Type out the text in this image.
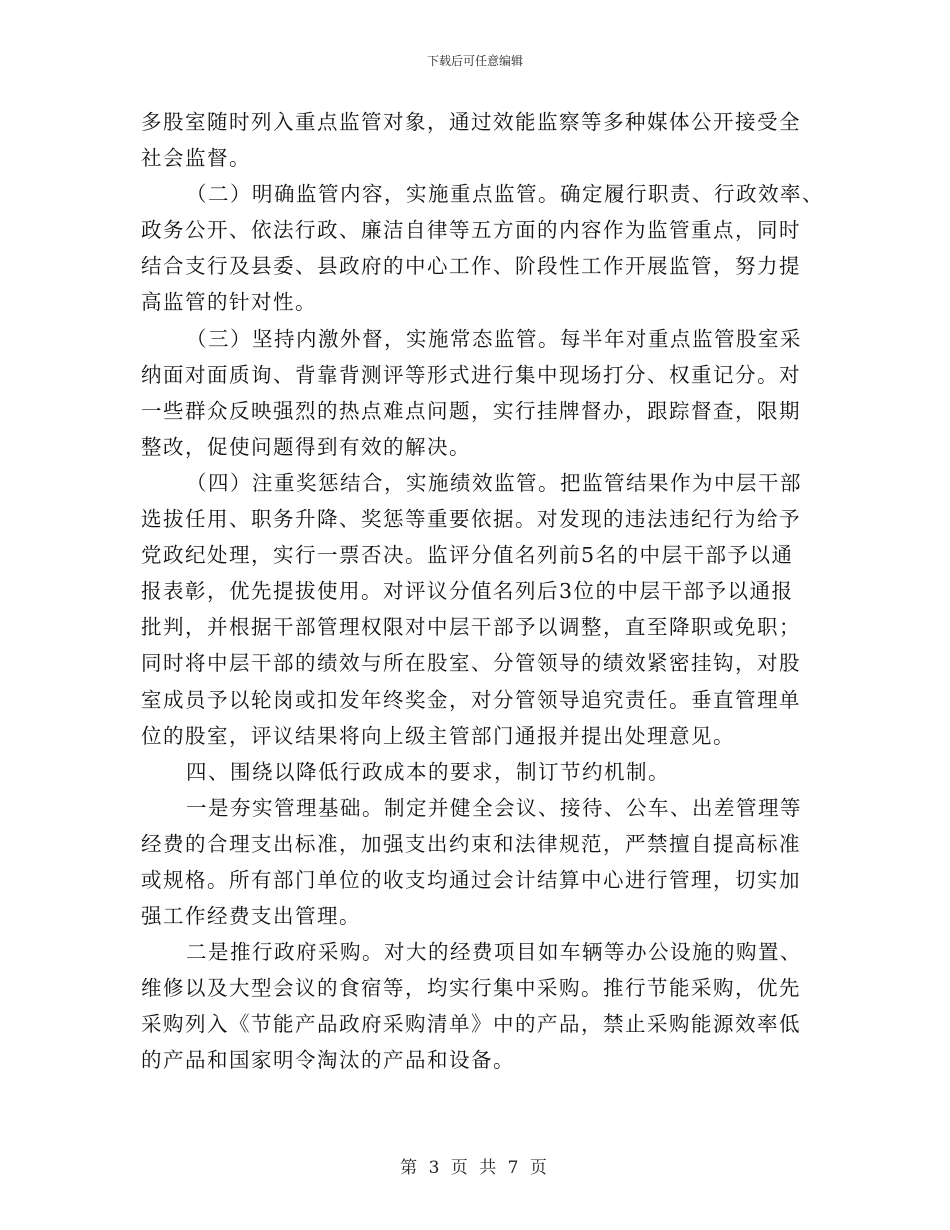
下载后可任意编辑
多股室随时列入重点监管对象，通过效能监察等多种媒体公开接受全
社会监督。
（二）明确监管内容，实施重点监管。确定履行职责、行政效率、
政务公开、依法行政、廉洁自律等五方面的内容作为监管重点，同时
结合支行及县委、县政府的中心工作、阶段性工作开展监管，努力提
高监管的针对性。
（三）坚持内激外督，实施常态监管。每半年对重点监管股室采
纳面对面质询、背靠背测评等形式进行集中现场打分、权重记分。对
一些群众反映强烈的热点难点问题，实行挂牌督办，跟踪督查，限期
整改，促使问题得到有效的解决。
（四）注重奖惩结合，实施绩效监管。把监管结果作为中层干部
选拔任用、职务升降、奖惩等重要依据。对发现的违法违纪行为给予
党政纪处理，实行一票否决。监评分值名列前5名的中层干部予以通
报表彰，优先提拔使用。对评议分值名列后3位的中层干部予以通报
批判，并根据干部管理权限对中层干部予以调整，直至降职或免职；
同时将中层干部的绩效与所在股室、分管领导的绩效紧密挂钩，对股
室成员予以轮岗或扣发年终奖金，对分管领导追究责任。垂直管理单
位的股室，评议结果将向上级主管部门通报并提出处理意见。
四、围绕以降低行政成本的要求，制订节约机制。
一是夯实管理基础。制定并健全会议、接待、公车、出差管理等
经费的合理支出标准，加强支出约束和法律规范，严禁擅自提高标准
或规格。所有部门单位的收支均通过会计结算中心进行管理，切实加
强工作经费支出管理。
二是推行政府采购。对大的经费项目如车辆等办公设施的购置、
维修以及大型会议的食宿等，均实行集中采购。推行节能采购，优先
采购列入《节能产品政府采购清单》中的产品，禁止采购能源效率低
的产品和国家明令淘汰的产品和设备。
第 3 页 共 7 页
